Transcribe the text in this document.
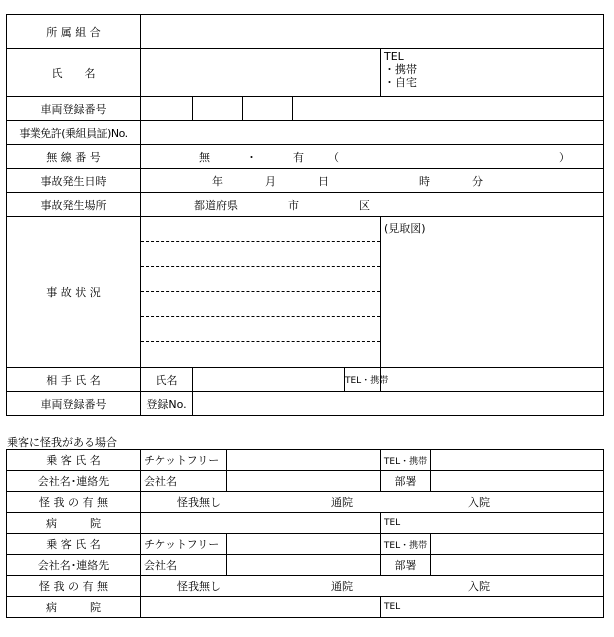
所 属 組 合						
氏　　名						TEL
・携帯
・自宅

車両登録番号						
事業免許(乗組員証)No.						
無 線 番 号	無 ・ 有 （ ）					
事故発生日時	年 月 日 時 分					
事故発生場所	都道府県 市 区					
事 故 状 況						(見取図)
相 手 氏 名	氏名				TEL・携帯	
車両登録番号	登録No.					
乗客に怪我がある場合
乗 客 氏 名	チケットフリー		TEL・携帯	
会社名･連絡先	会社名		部署	
怪 我 の 有 無	怪我無し 通院 入院			
病　　　院			TEL	
乗 客 氏 名	チケットフリー		TEL・携帯	
会社名･連絡先	会社名		部署	
怪 我 の 有 無	怪我無し 通院 入院			
病　　　院			TEL	
